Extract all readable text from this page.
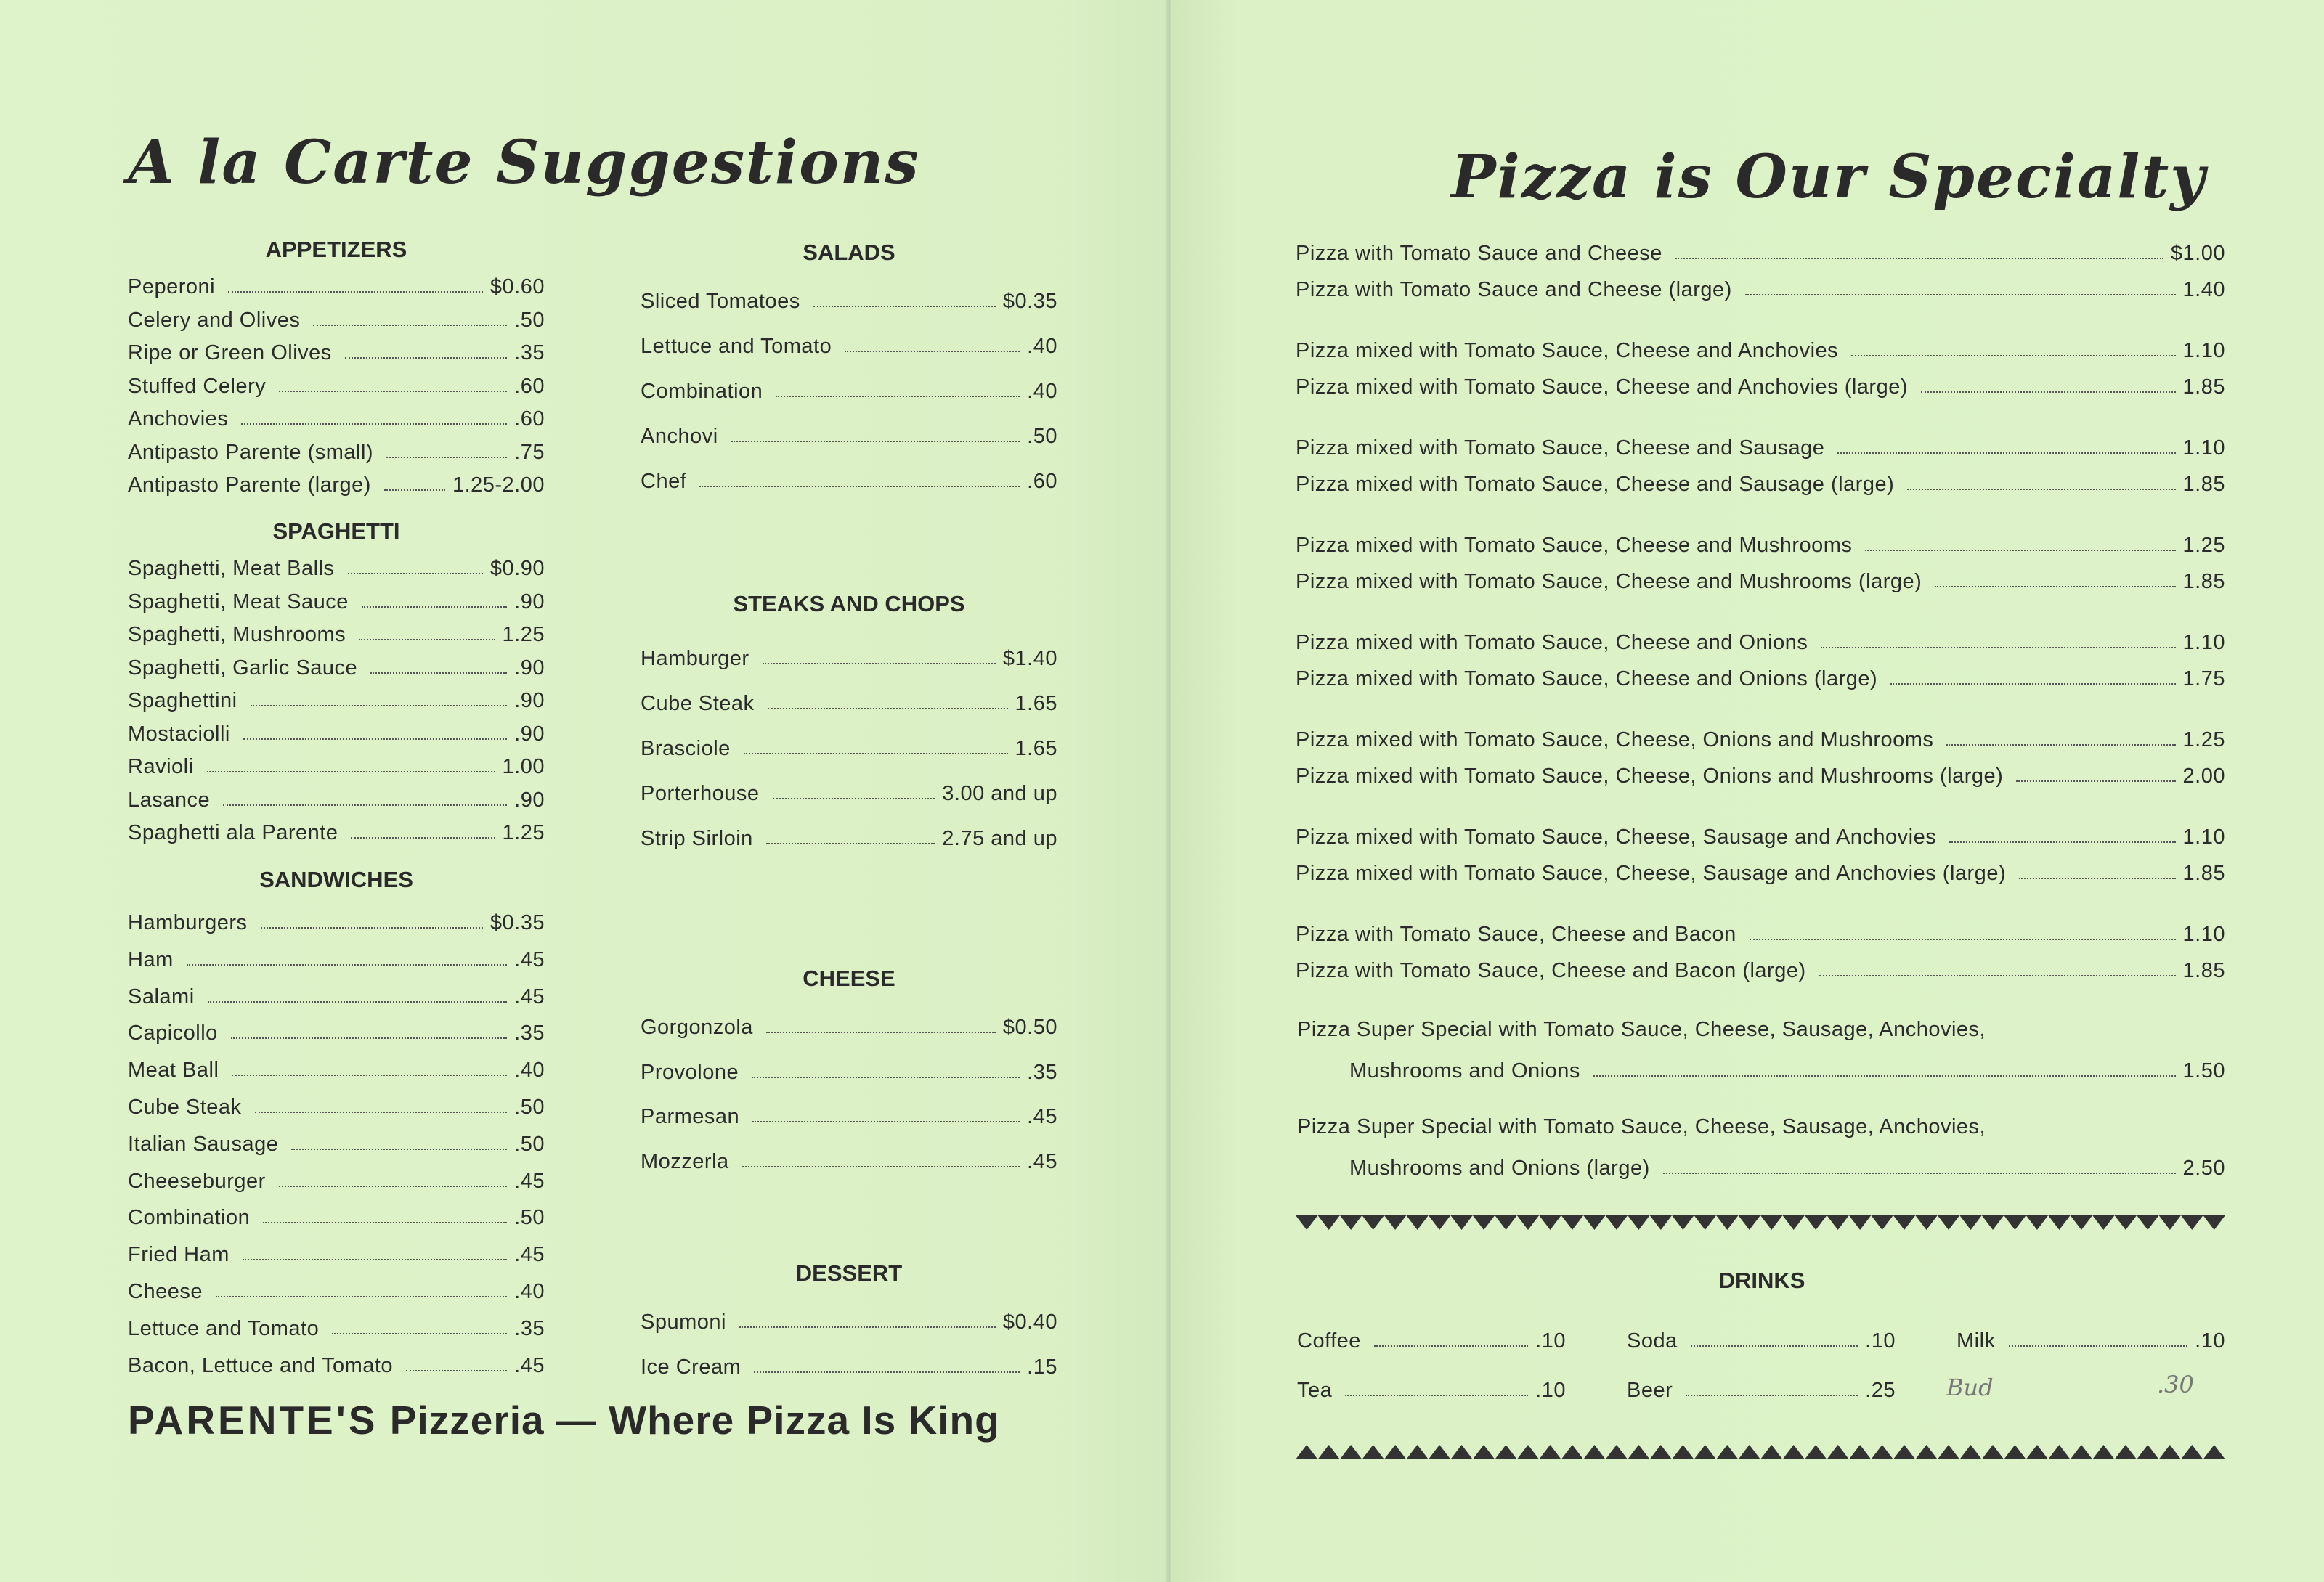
A la Carte Suggestions
APPETIZERS
Peperoni	$0.60
Celery and Olives	.50
Ripe or Green Olives	.35
Stuffed Celery	.60
Anchovies	.60
Antipasto Parente (small)	.75
Antipasto Parente (large)	1.25-2.00
SPAGHETTI
Spaghetti, Meat Balls	$0.90
Spaghetti, Meat Sauce	.90
Spaghetti, Mushrooms	1.25
Spaghetti, Garlic Sauce	.90
Spaghettini	.90
Mostaciolli	.90
Ravioli	1.00
Lasance	.90
Spaghetti ala Parente	1.25
SANDWICHES
Hamburgers	$0.35
Ham	.45
Salami	.45
Capicollo	.35
Meat Ball	.40
Cube Steak	.50
Italian Sausage	.50
Cheeseburger	.45
Combination	.50
Fried Ham	.45
Cheese	.40
Lettuce and Tomato	.35
Bacon, Lettuce and Tomato	.45
SALADS
Sliced Tomatoes	$0.35
Lettuce and Tomato	.40
Combination	.40
Anchovi	.50
Chef	.60
STEAKS AND CHOPS
Hamburger	$1.40
Cube Steak	1.65
Brasciole	1.65
Porterhouse	3.00 and up
Strip Sirloin	2.75 and up
CHEESE
Gorgonzola	$0.50
Provolone	.35
Parmesan	.45
Mozzerla	.45
DESSERT
Spumoni	$0.40
Ice Cream	.15
PARENTE'S Pizzeria — Where Pizza Is King
Pizza is Our Specialty
Pizza with Tomato Sauce and Cheese	$1.00
Pizza with Tomato Sauce and Cheese (large)	1.40
Pizza mixed with Tomato Sauce, Cheese and Anchovies	1.10
Pizza mixed with Tomato Sauce, Cheese and Anchovies (large)	1.85
Pizza mixed with Tomato Sauce, Cheese and Sausage	1.10
Pizza mixed with Tomato Sauce, Cheese and Sausage (large)	1.85
Pizza mixed with Tomato Sauce, Cheese and Mushrooms	1.25
Pizza mixed with Tomato Sauce, Cheese and Mushrooms (large)	1.85
Pizza mixed with Tomato Sauce, Cheese and Onions	1.10
Pizza mixed with Tomato Sauce, Cheese and Onions (large)	1.75
Pizza mixed with Tomato Sauce, Cheese, Onions and Mushrooms	1.25
Pizza mixed with Tomato Sauce, Cheese, Onions and Mushrooms (large)	2.00
Pizza mixed with Tomato Sauce, Cheese, Sausage and Anchovies	1.10
Pizza mixed with Tomato Sauce, Cheese, Sausage and Anchovies (large)	1.85
Pizza with Tomato Sauce, Cheese and Bacon	1.10
Pizza with Tomato Sauce, Cheese and Bacon (large)	1.85
Pizza Super Special with Tomato Sauce, Cheese, Sausage, Anchovies,
Mushrooms and Onions	1.50
Pizza Super Special with Tomato Sauce, Cheese, Sausage, Anchovies,
Mushrooms and Onions (large)	2.50
DRINKS
Coffee	.10	Soda	.10	Milk	.10
Tea	.10	Beer	.25 Bud	.30
